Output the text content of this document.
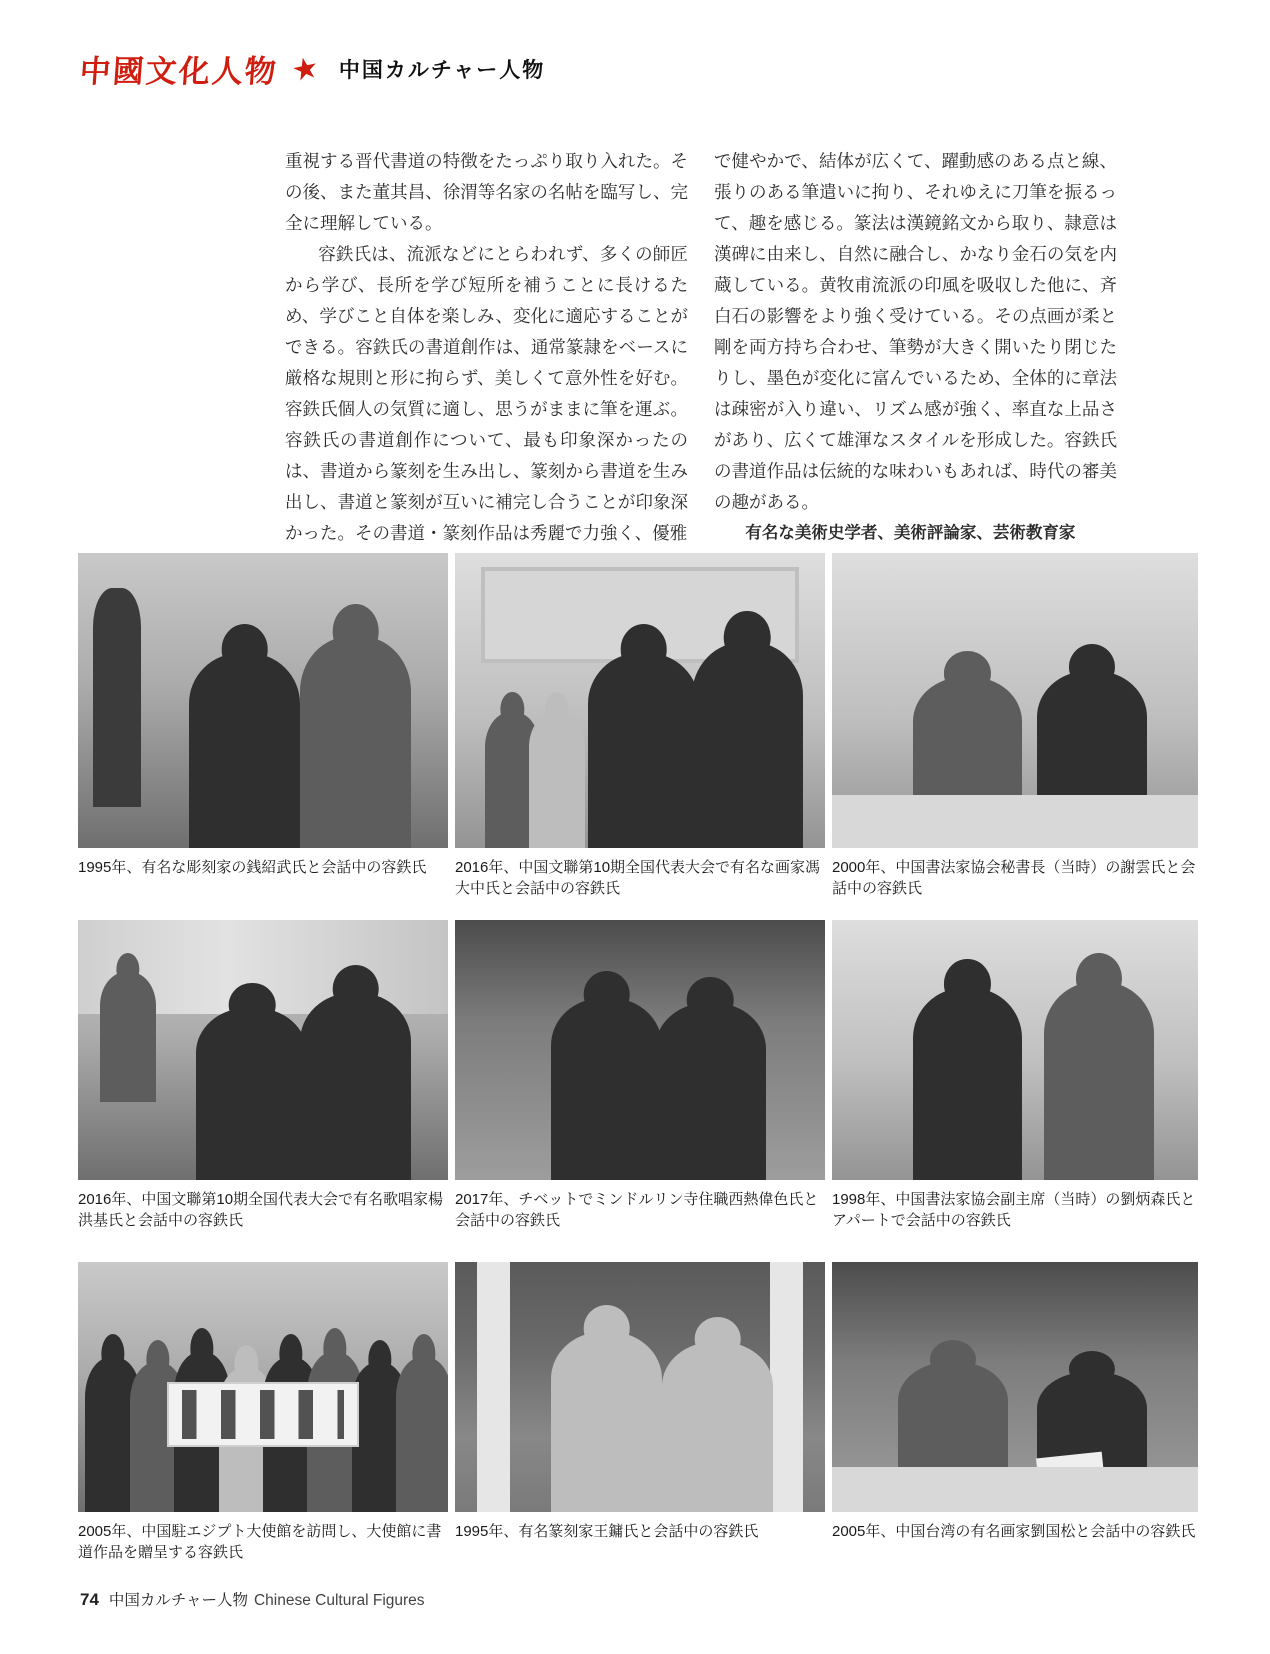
中國文化人物 ★ 中国カルチャー人物

重視する晋代書道の特徴をたっぷり取り入れた。その後、また董其昌、徐渭等名家の名帖を臨写し、完全に理解している。

容鉄氏は、流派などにとらわれず、多くの師匠から学び、長所を学び短所を補うことに長けるため、学びこと自体を楽しみ、変化に適応することができる。容鉄氏の書道創作は、通常篆隷をベースに厳格な規則と形に拘らず、美しくて意外性を好む。容鉄氏個人の気質に適し、思うがままに筆を運ぶ。容鉄氏の書道創作について、最も印象深かったのは、書道から篆刻を生み出し、篆刻から書道を生み出し、書道と篆刻が互いに補完し合うことが印象深かった。その書道・篆刻作品は秀麗で力強く、優雅

で健やかで、結体が広くて、躍動感のある点と線、張りのある筆遣いに拘り、それゆえに刀筆を振るって、趣を感じる。篆法は漢鏡銘文から取り、隷意は漢碑に由来し、自然に融合し、かなり金石の気を内蔵している。黄牧甫流派の印風を吸収した他に、斉白石の影響をより強く受けている。その点画が柔と剛を両方持ち合わせ、筆勢が大きく開いたり閉じたりし、墨色が変化に富んでいるため、全体的に章法は疎密が入り違い、リズム感が強く、率直な上品さがあり、広くて雄渾なスタイルを形成した。容鉄氏の書道作品は伝統的な味わいもあれば、時代の審美の趣がある。

有名な美術史学者、美術評論家、芸術教育家

1995年、有名な彫刻家の銭紹武氏と会話中の容鉄氏	2016年、中国文聯第10期全国代表大会で有名な画家馮大中氏と会話中の容鉄氏
2000年、中国書法家協会秘書長（当時）の謝雲氏と会話中の容鉄氏
2016年、中国文聯第10期全国代表大会で有名歌唱家楊洪基氏と会話中の容鉄氏
2017年、チベットでミンドルリン寺住職西熱偉色氏と会話中の容鉄氏
1998年、中国書法家協会副主席（当時）の劉炳森氏とアパートで会話中の容鉄氏
2005年、中国駐エジプト大使館を訪問し、大使館に書道作品を贈呈する容鉄氏
1995年、有名篆刻家王鏞氏と会話中の容鉄氏	2005年、中国台湾の有名画家劉国松と会話中の容鉄氏
74 中国カルチャー人物 Chinese Cultural Figures
